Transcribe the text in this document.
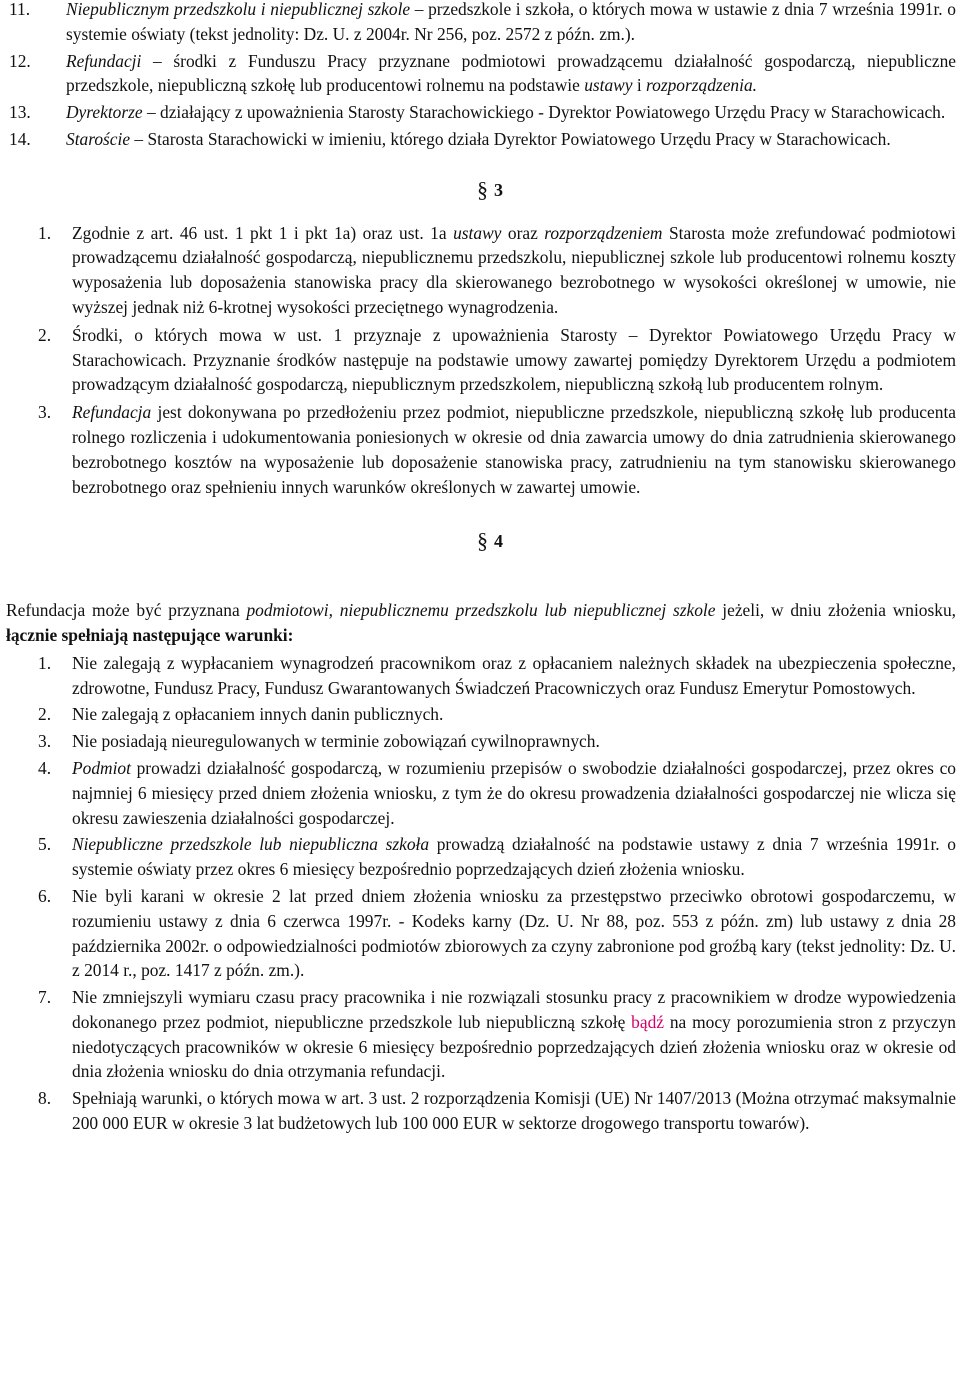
11.	Niepublicznym przedszkolu i niepublicznej szkole – przedszkole i szkoła, o których mowa w ustawie z dnia 7 września 1991r. o systemie oświaty (tekst jednolity: Dz. U. z 2004r. Nr 256, poz. 2572 z późn. zm.).
12.	Refundacji – środki z Funduszu Pracy przyznane podmiotowi prowadzącemu działalność gospodarczą, niepubliczne przedszkole, niepubliczną szkołę lub producentowi rolnemu na podstawie ustawy i rozporządzenia.
13.	Dyrektorze – działający z upoważnienia Starosty Starachowickiego - Dyrektor Powiatowego Urzędu Pracy w Starachowicach.
14.	Staroście – Starosta Starachowicki w imieniu, którego działa Dyrektor Powiatowego Urzędu Pracy w Starachowicach.
§ 3
1.	Zgodnie z art. 46 ust. 1 pkt 1 i pkt 1a) oraz ust. 1a ustawy oraz rozporządzeniem Starosta może zrefundować podmiotowi prowadzącemu działalność gospodarczą, niepublicznemu przedszkolu, niepublicznej szkole lub producentowi rolnemu koszty wyposażenia lub doposażenia stanowiska pracy dla skierowanego bezrobotnego w wysokości określonej w umowie, nie wyższej jednak niż 6-krotnej wysokości przeciętnego wynagrodzenia.
2.	Środki, o których mowa w ust. 1 przyznaje z upoważnienia Starosty – Dyrektor Powiatowego Urzędu Pracy w Starachowicach. Przyznanie środków następuje na podstawie umowy zawartej pomiędzy Dyrektorem Urzędu a podmiotem prowadzącym działalność gospodarczą, niepublicznym przedszkolem, niepubliczną szkołą lub producentem rolnym.
3.	Refundacja jest dokonywana po przedłożeniu przez podmiot, niepubliczne przedszkole, niepubliczną szkołę lub producenta rolnego rozliczenia i udokumentowania poniesionych w okresie od dnia zawarcia umowy do dnia zatrudnienia skierowanego bezrobotnego kosztów na wyposażenie lub doposażenie stanowiska pracy, zatrudnieniu na tym stanowisku skierowanego bezrobotnego oraz spełnieniu innych warunków określonych w zawartej umowie.
§ 4

Refundacja może być przyznana podmiotowi, niepublicznemu przedszkolu lub niepublicznej szkole jeżeli, w dniu złożenia wniosku, łącznie spełniają następujące warunki:

1.	Nie zalegają z wypłacaniem wynagrodzeń pracownikom oraz z opłacaniem należnych składek na ubezpieczenia społeczne, zdrowotne, Fundusz Pracy, Fundusz Gwarantowanych Świadczeń Pracowniczych oraz Fundusz Emerytur Pomostowych.
2.	Nie zalegają z opłacaniem innych danin publicznych.
3.	Nie posiadają nieuregulowanych w terminie zobowiązań cywilnoprawnych.
4.	Podmiot prowadzi działalność gospodarczą, w rozumieniu przepisów o swobodzie działalności gospodarczej, przez okres co najmniej 6 miesięcy przed dniem złożenia wniosku, z tym że do okresu prowadzenia działalności gospodarczej nie wlicza się okresu zawieszenia działalności gospodarczej.
5.	Niepubliczne przedszkole lub niepubliczna szkoła prowadzą działalność na podstawie ustawy z dnia 7 września 1991r. o systemie oświaty przez okres 6 miesięcy bezpośrednio poprzedzających dzień złożenia wniosku.
6.	Nie byli karani w okresie 2 lat przed dniem złożenia wniosku za przestępstwo przeciwko obrotowi gospodarczemu, w rozumieniu ustawy z dnia 6 czerwca 1997r. - Kodeks karny (Dz. U. Nr 88, poz. 553 z późn. zm) lub ustawy z dnia 28 października 2002r. o odpowiedzialności podmiotów zbiorowych za czyny zabronione pod groźbą kary (tekst jednolity: Dz. U. z 2014 r., poz. 1417 z późn. zm.).
7.	Nie zmniejszyli wymiaru czasu pracy pracownika i nie rozwiązali stosunku pracy z pracownikiem w drodze wypowiedzenia dokonanego przez podmiot, niepubliczne przedszkole lub niepubliczną szkołę bądź na mocy porozumienia stron z przyczyn niedotyczących pracowników w okresie 6 miesięcy bezpośrednio poprzedzających dzień złożenia wniosku oraz w okresie od dnia złożenia wniosku do dnia otrzymania refundacji.
8.	Spełniają warunki, o których mowa w art. 3 ust. 2 rozporządzenia Komisji (UE) Nr 1407/2013 (Można otrzymać maksymalnie 200 000 EUR w okresie 3 lat budżetowych lub 100 000 EUR w sektorze drogowego transportu towarów).
